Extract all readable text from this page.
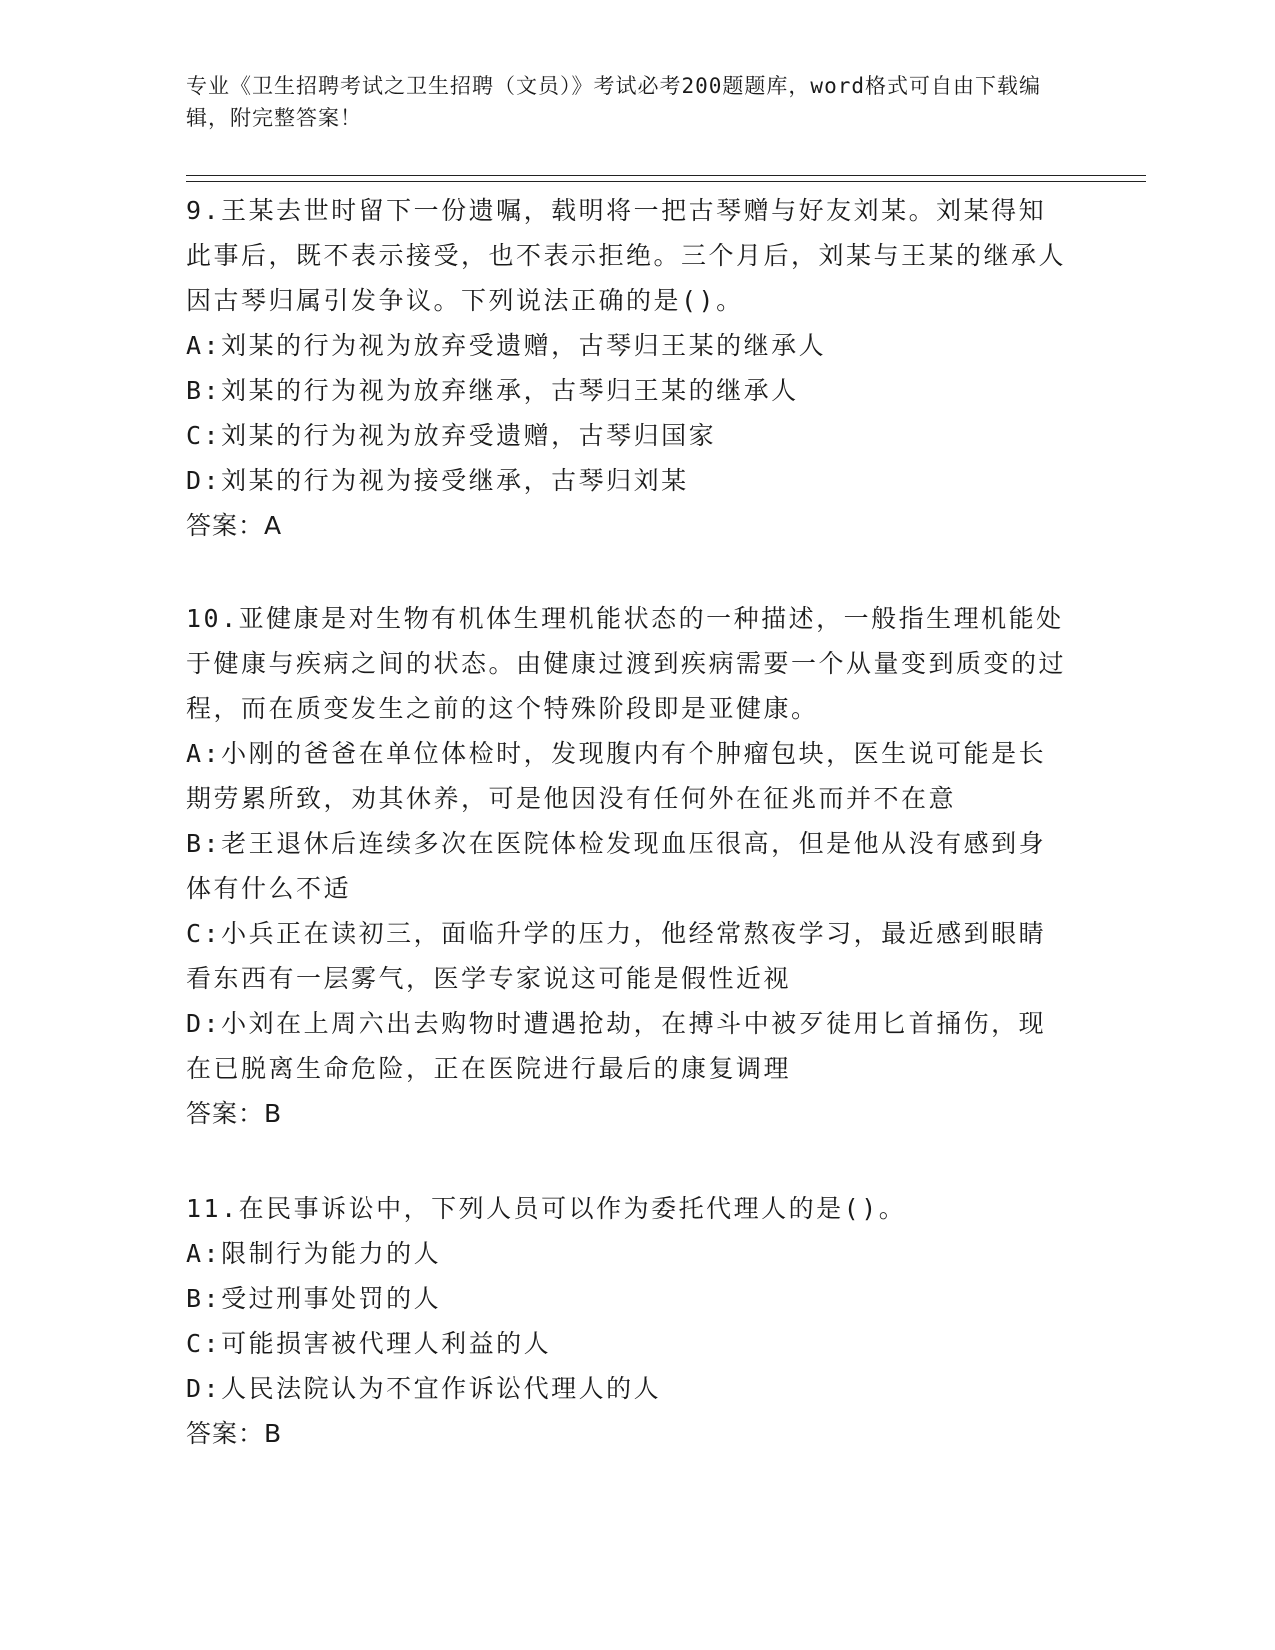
专业《卫生招聘考试之卫生招聘（文员）》考试必考200题题库，word格式可自由下载编辑，附完整答案！

9.王某去世时留下一份遗嘱，载明将一把古琴赠与好友刘某。刘某得知此事后，既不表示接受，也不表示拒绝。三个月后，刘某与王某的继承人因古琴归属引发争议。下列说法正确的是()。

A:刘某的行为视为放弃受遗赠，古琴归王某的继承人

B:刘某的行为视为放弃继承，古琴归王某的继承人

C:刘某的行为视为放弃受遗赠，古琴归国家

D:刘某的行为视为接受继承，古琴归刘某

答案：A

10.亚健康是对生物有机体生理机能状态的一种描述，一般指生理机能处于健康与疾病之间的状态。由健康过渡到疾病需要一个从量变到质变的过程，而在质变发生之前的这个特殊阶段即是亚健康。

A:小刚的爸爸在单位体检时，发现腹内有个肿瘤包块，医生说可能是长期劳累所致，劝其休养，可是他因没有任何外在征兆而并不在意

B:老王退休后连续多次在医院体检发现血压很高，但是他从没有感到身体有什么不适

C:小兵正在读初三，面临升学的压力，他经常熬夜学习，最近感到眼睛看东西有一层雾气，医学专家说这可能是假性近视

D:小刘在上周六出去购物时遭遇抢劫，在搏斗中被歹徒用匕首捅伤，现在已脱离生命危险，正在医院进行最后的康复调理

答案：B

11.在民事诉讼中，下列人员可以作为委托代理人的是()。

A:限制行为能力的人

B:受过刑事处罚的人

C:可能损害被代理人利益的人

D:人民法院认为不宜作诉讼代理人的人

答案：B
